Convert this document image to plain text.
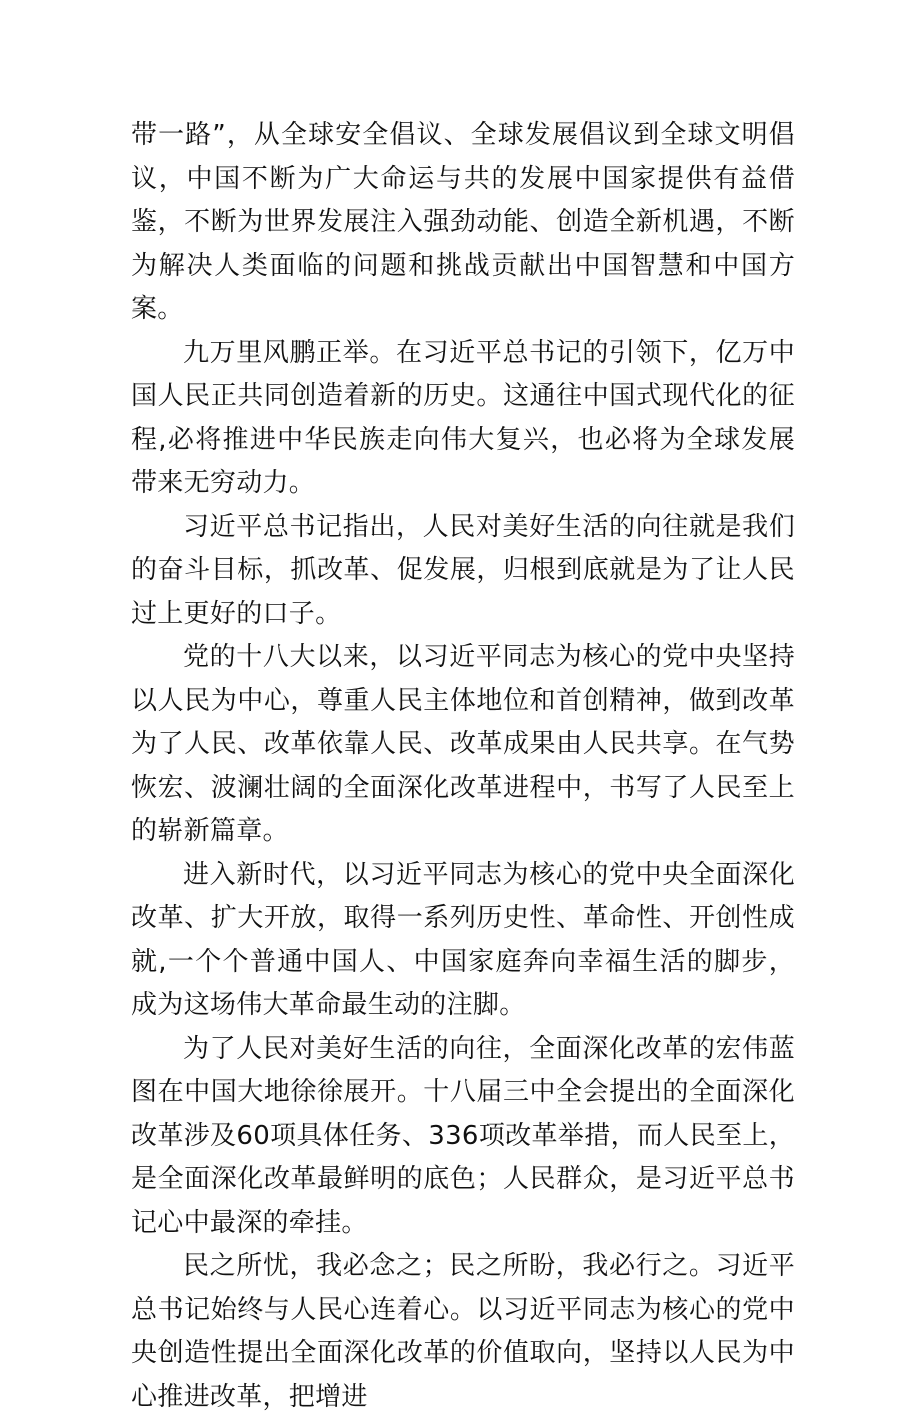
带一路”，从全球安全倡议、全球发展倡议到全球文明倡议，中国不断为广大命运与共的发展中国家提供有益借鉴，不断为世界发展注入强劲动能、创造全新机遇，不断为解决人类面临的问题和挑战贡献出中国智慧和中国方案。

九万里风鹏正举。在习近平总书记的引领下，亿万中国人民正共同创造着新的历史。这通往中国式现代化的征程,必将推进中华民族走向伟大复兴，也必将为全球发展带来无穷动力。

习近平总书记指出，人民对美好生活的向往就是我们的奋斗目标，抓改革、促发展，归根到底就是为了让人民过上更好的口子。

党的十八大以来，以习近平同志为核心的党中央坚持以人民为中心，尊重人民主体地位和首创精神，做到改革为了人民、改革依靠人民、改革成果由人民共享。在气势恢宏、波澜壮阔的全面深化改革进程中，书写了人民至上的崭新篇章。

进入新时代，以习近平同志为核心的党中央全面深化改革、扩大开放，取得一系列历史性、革命性、开创性成就,一个个普通中国人、中国家庭奔向幸福生活的脚步，成为这场伟大革命最生动的注脚。

为了人民对美好生活的向往，全面深化改革的宏伟蓝图在中国大地徐徐展开。十八届三中全会提出的全面深化改革涉及60项具体任务、336项改革举措，而人民至上，是全面深化改革最鲜明的底色；人民群众，是习近平总书记心中最深的牵挂。

民之所忧，我必念之；民之所盼，我必行之。习近平总书记始终与人民心连着心。以习近平同志为核心的党中央创造性提出全面深化改革的价值取向，坚持以人民为中心推进改革，把增进
